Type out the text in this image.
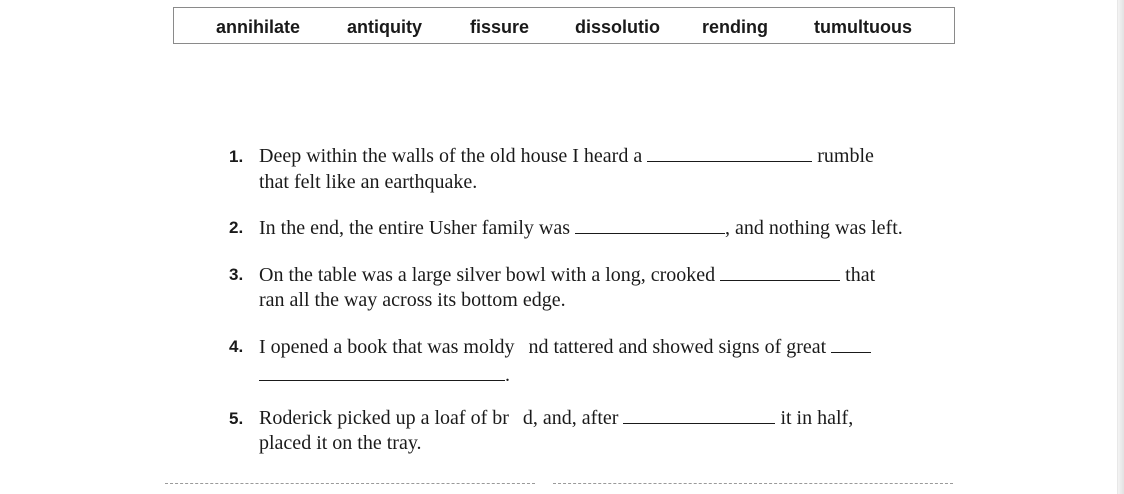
annihilate	antiquity	fissure	dissolutio rending	tumultuous
1. Deep within the walls of the old house I heard a	rumble
that felt like an earthquake.
2. In the end, the entire Usher family was	, and nothing was left.
3. On the table was a large silver bowl with a long, crooked	that
ran all the way across its bottom edge.
4. I opened a book that was moldy nd tattered and showed signs of great
.
5. Roderick picked up a loaf of br d, and, after	it in half,
placed it on the tray.
